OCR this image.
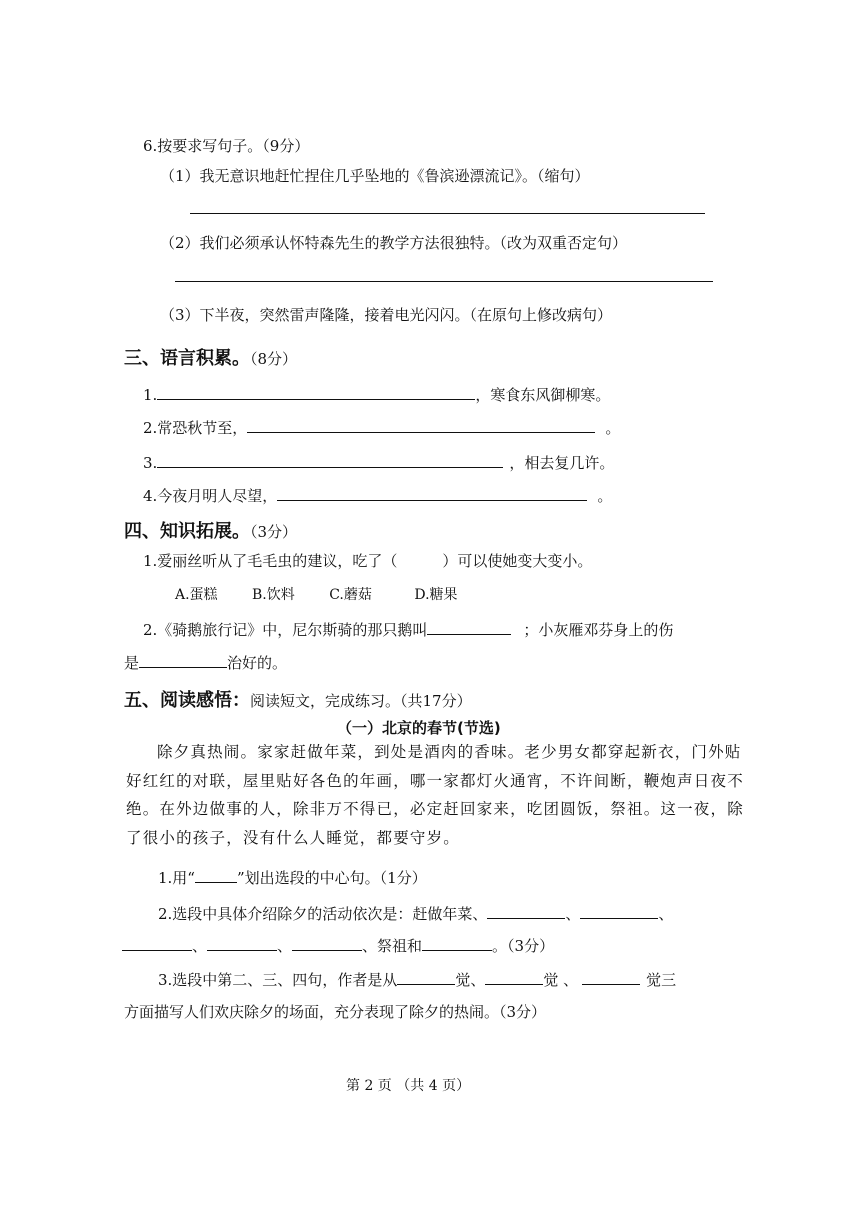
6.按要求写句子。（9分）
（1）我无意识地赶忙捏住几乎坠地的《鲁滨逊漂流记》。（缩句）
（2）我们必须承认怀特森先生的教学方法很独特。（改为双重否定句）
（3）下半夜，突然雷声隆隆，接着电光闪闪。（在原句上修改病句）
三、语言积累。（8分）
1.	，寒食东风御柳寒。
2.常恐秋节至，	。
3.	，相去复几许。
4.今夜月明人尽望，	。
四、知识拓展。（3分）
1.爱丽丝听从了毛毛虫的建议，吃了（　　　）可以使她变大变小。
A.蛋糕 B.饮料 C.蘑菇	D.糖果
2.《骑鹅旅行记》中，尼尔斯骑的那只鹅叫	；小灰雁邓芬身上的伤
是	治好的。
五、阅读感悟：阅读短文，完成练习。（共17分）
（一）北京的春节(节选)
除夕真热闹。家家赶做年菜，到处是酒肉的香味。老少男女都穿起新衣，门外贴好红红的对联，屋里贴好各色的年画，哪一家都灯火通宵，不许间断，鞭炮声日夜不绝。在外边做事的人，除非万不得已，必定赶回家来，吃团圆饭，祭祖。这一夜，除了很小的孩子，没有什么人睡觉，都要守岁。
1.用“	”划出选段的中心句。（1分）
2.选段中具体介绍除夕的活动依次是：赶做年菜、	、	、
、	、	、祭祖和	。（3分）
3.选段中第二、三、四句，作者是从	觉、	觉 、	觉三
方面描写人们欢庆除夕的场面，充分表现了除夕的热闹。（3分）
第 2 页 （共 4 页）
